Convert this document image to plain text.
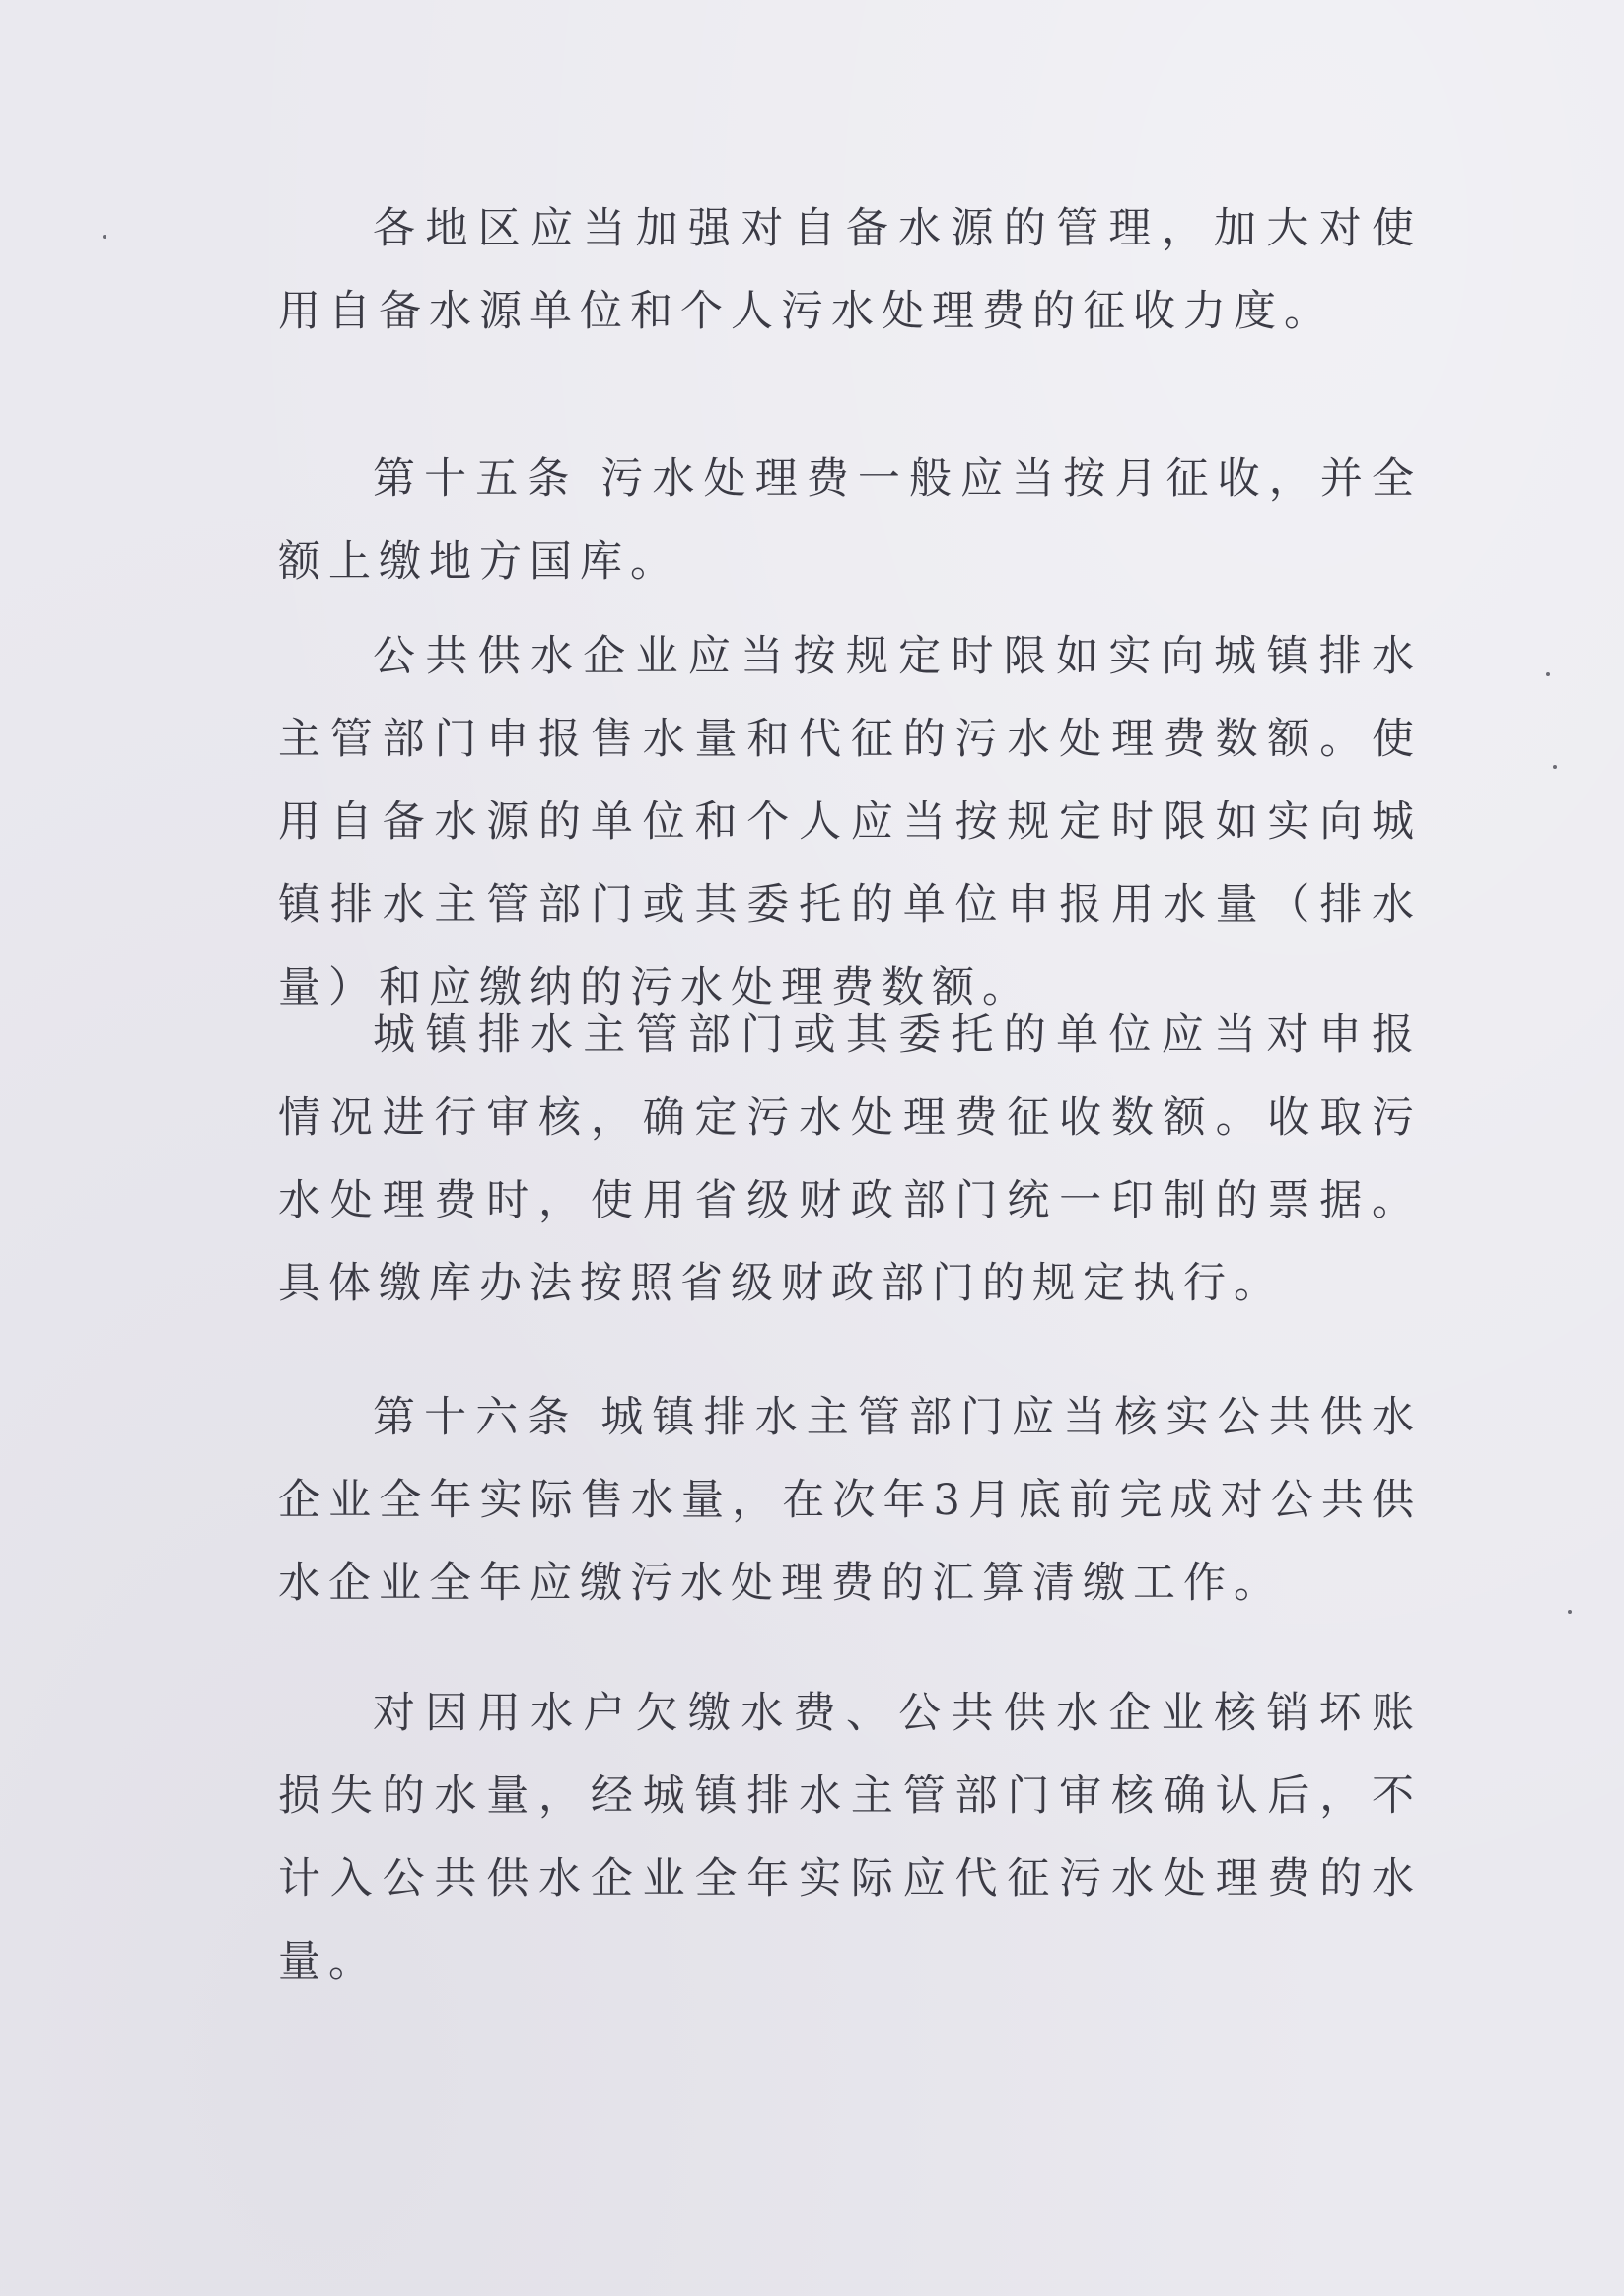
各地区应当加强对自备水源的管理，加大对使用自备水源单位和个人污水处理费的征收力度。

第十五条 污水处理费一般应当按月征收，并全额上缴地方国库。

公共供水企业应当按规定时限如实向城镇排水主管部门申报售水量和代征的污水处理费数额。使用自备水源的单位和个人应当按规定时限如实向城镇排水主管部门或其委托的单位申报用水量（排水量）和应缴纳的污水处理费数额。

城镇排水主管部门或其委托的单位应当对申报情况进行审核，确定污水处理费征收数额。收取污水处理费时，使用省级财政部门统一印制的票据。具体缴库办法按照省级财政部门的规定执行。

第十六条 城镇排水主管部门应当核实公共供水企业全年实际售水量，在次年3月底前完成对公共供水企业全年应缴污水处理费的汇算清缴工作。

对因用水户欠缴水费、公共供水企业核销坏账损失的水量，经城镇排水主管部门审核确认后，不计入公共供水企业全年实际应代征污水处理费的水量。
